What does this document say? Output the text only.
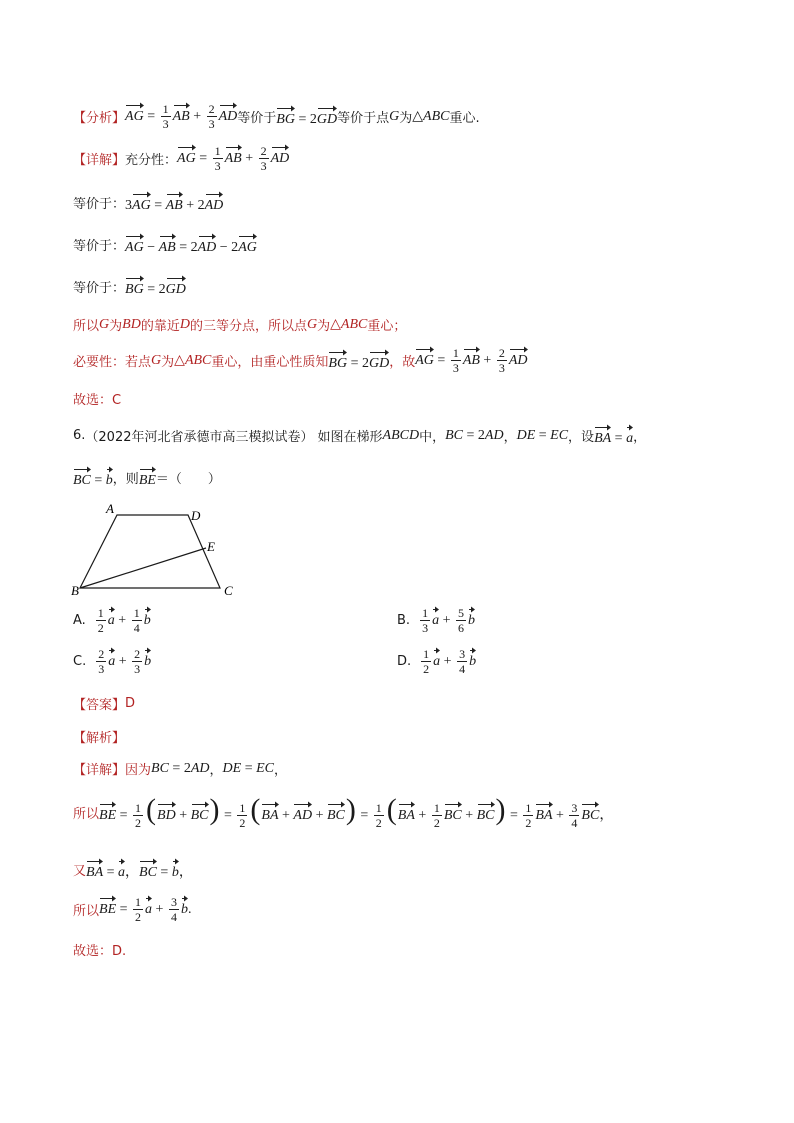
【分析】 AG = $\frac{1}{3}$ AB + $\frac{2}{3}$ AD 等价于 BG = 2GD 等价于点 G 为 △ABC 重心.
【详解】 充分性： AG = $\frac{1}{3}$ AB + $\frac{2}{3}$ AD
等价于： 3AG = AB + 2AD
等价于： AG − AB = 2AD − 2AG
等价于： BG = 2GD
所以 G 为 BD 的靠近 D 的三等分点，所以点 G 为 △ABC 重心；
必要性：若点 G 为 △ABC 重心，由重心性质知 BG = 2GD ，故 AG = $\frac{1}{3}$ AB + $\frac{2}{3}$ AD
故选：C
6. （2022年河北省承德市高三模拟试卷） 如图在梯形 ABCD 中， BC = 2AD ， DE = EC ，设 BA = a ，
BC = b ，则 BE ＝（　　）
A	D
E
B	C
A. $\frac{1}{2}$ $a + \frac{1}{4}$ b	B. $\frac{1}{3}$ $a + \frac{5}{6}$ b
C. $\frac{2}{3}$ $a + \frac{2}{3}$ b	D. $\frac{1}{2}$ $a + \frac{3}{4}$ b
【答案】 D
【解析】
【详解】 因为 BC = 2AD ， DE = EC ，
所以 BE = $\frac{1}{2} (BD + BC) = \frac{1}{2} (BA$ + AD + $BC) = \frac{1}{2} (BA + \frac{1}{2}$ BC + $BC) = \frac{1}{2}$ BA + $\frac{3}{4}$ BC，
又 BA = a，BC = b，
所以 BE = $\frac{1}{2}$ $a + \frac{3}{4} b$.
故选：D.
